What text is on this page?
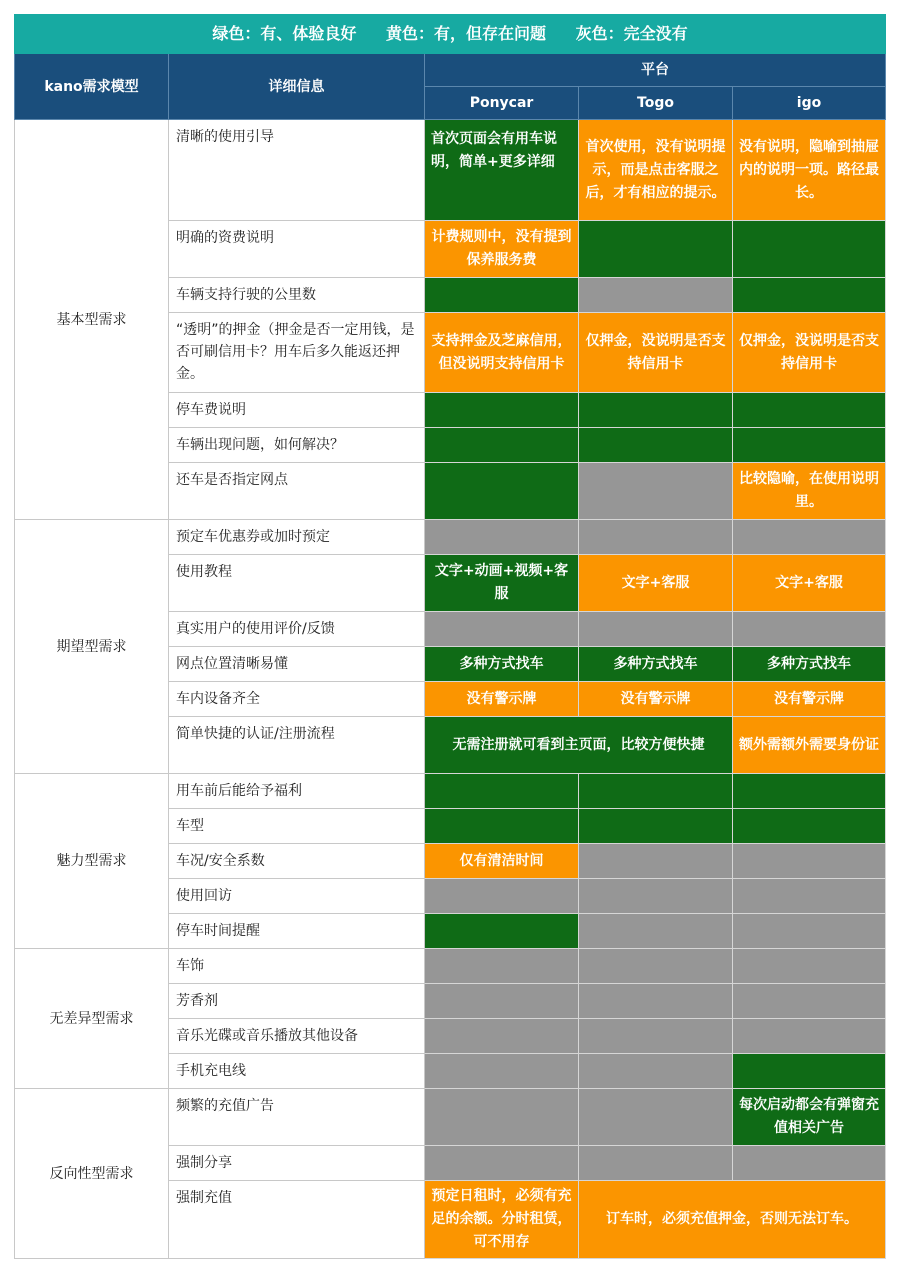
绿色：有、体验良好 黄色：有，但存在问题 灰色：完全没有				
kano需求模型	详细信息	平台		
		Ponycar	Togo	igo
基本型需求	清晰的使用引导	首次页面会有用车说明，简单+更多详细	首次使用，没有说明提示，而是点击客服之后，才有相应的提示。	没有说明，隐喻到抽屉内的说明一项。路径最长。
	明确的资费说明	计费规则中，没有提到保养服务费		
	车辆支持行驶的公里数			
	“透明”的押金（押金是否一定用钱，是否可刷信用卡？用车后多久能返还押金。	支持押金及芝麻信用，但没说明支持信用卡	仅押金，没说明是否支持信用卡	仅押金，没说明是否支持信用卡
	停车费说明			
	车辆出现问题，如何解决？			
	还车是否指定网点			比较隐喻，在使用说明里。
期望型需求	预定车优惠券或加时预定			
	使用教程	文字+动画+视频+客服	文字+客服	文字+客服
	真实用户的使用评价/反馈			
	网点位置清晰易懂	多种方式找车	多种方式找车	多种方式找车
	车内设备齐全	没有警示牌	没有警示牌	没有警示牌
	简单快捷的认证/注册流程	无需注册就可看到主页面，比较方便快捷		额外需额外需要身份证
魅力型需求	用车前后能给予福利			
	车型			
	车况/安全系数	仅有清洁时间		
	使用回访			
	停车时间提醒			
无差异型需求	车饰			
	芳香剂			
	音乐光碟或音乐播放其他设备			
	手机充电线			
反向性型需求	频繁的充值广告			每次启动都会有弹窗充值相关广告
	强制分享			
	强制充值	预定日租时，必须有充足的余额。分时租赁，可不用存	订车时，必须充值押金，否则无法订车。	
